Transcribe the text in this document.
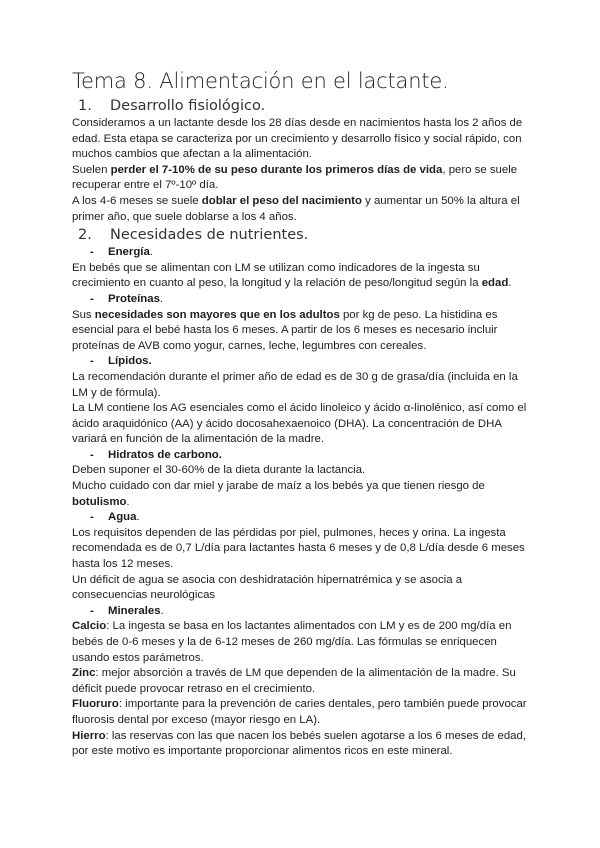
Tema 8. Alimentación en el lactante.
1.	Desarrollo fisiológico.

Consideramos a un lactante desde los 28 días desde en nacimientos hasta los 2 años de edad. Esta etapa se caracteriza por un crecimiento y desarrollo físico y social rápido, con muchos cambios que afectan a la alimentación.

Suelen perder el 7-10% de su peso durante los primeros días de vida, pero se suele recuperar entre el 7º-10º día.

A los 4-6 meses se suele doblar el peso del nacimiento y aumentar un 50% la altura el primer año, que suele doblarse a los 4 años.

2.	Necesidades de nutrientes.
-	Energía.

En bebés que se alimentan con LM se utilizan como indicadores de la ingesta su crecimiento en cuanto al peso, la longitud y la relación de peso/longitud según la edad.

-	Proteínas.

Sus necesidades son mayores que en los adultos por kg de peso. La histidina es esencial para el bebé hasta los 6 meses. A partir de los 6 meses es necesario incluir proteínas de AVB como yogur, carnes, leche, legumbres con cereales.

-	Lípidos.

La recomendación durante el primer año de edad es de 30 g de grasa/día (incluida en la LM y de fórmula).

La LM contiene los AG esenciales como el ácido linoleico y ácido α-linolénico, así como el ácido araquidónico (AA) y ácido docosahexaenoico (DHA). La concentración de DHA variará en función de la alimentación de la madre.

-	Hidratos de carbono.

Deben suponer el 30-60% de la dieta durante la lactancia.

Mucho cuidado con dar miel y jarabe de maíz a los bebés ya que tienen riesgo de botulismo.

-	Agua.

Los requisitos dependen de las pérdidas por piel, pulmones, heces y orina. La ingesta recomendada es de 0,7 L/día para lactantes hasta 6 meses y de 0,8 L/día desde 6 meses hasta los 12 meses.

Un déficit de agua se asocia con deshidratación hipernatrémica y se asocia a consecuencias neurológicas

-	Minerales.

Calcio: La ingesta se basa en los lactantes alimentados con LM y es de 200 mg/día en bebés de 0-6 meses y la de 6-12 meses de 260 mg/día. Las fórmulas se enriquecen usando estos parámetros.

Zinc: mejor absorción a través de LM que dependen de la alimentación de la madre. Su déficit puede provocar retraso en el crecimiento.

Fluoruro: importante para la prevención de caries dentales, pero también puede provocar fluorosis dental por exceso (mayor riesgo en LA).

Hierro: las reservas con las que nacen los bebés suelen agotarse a los 6 meses de edad, por este motivo es importante proporcionar alimentos ricos en este mineral.
